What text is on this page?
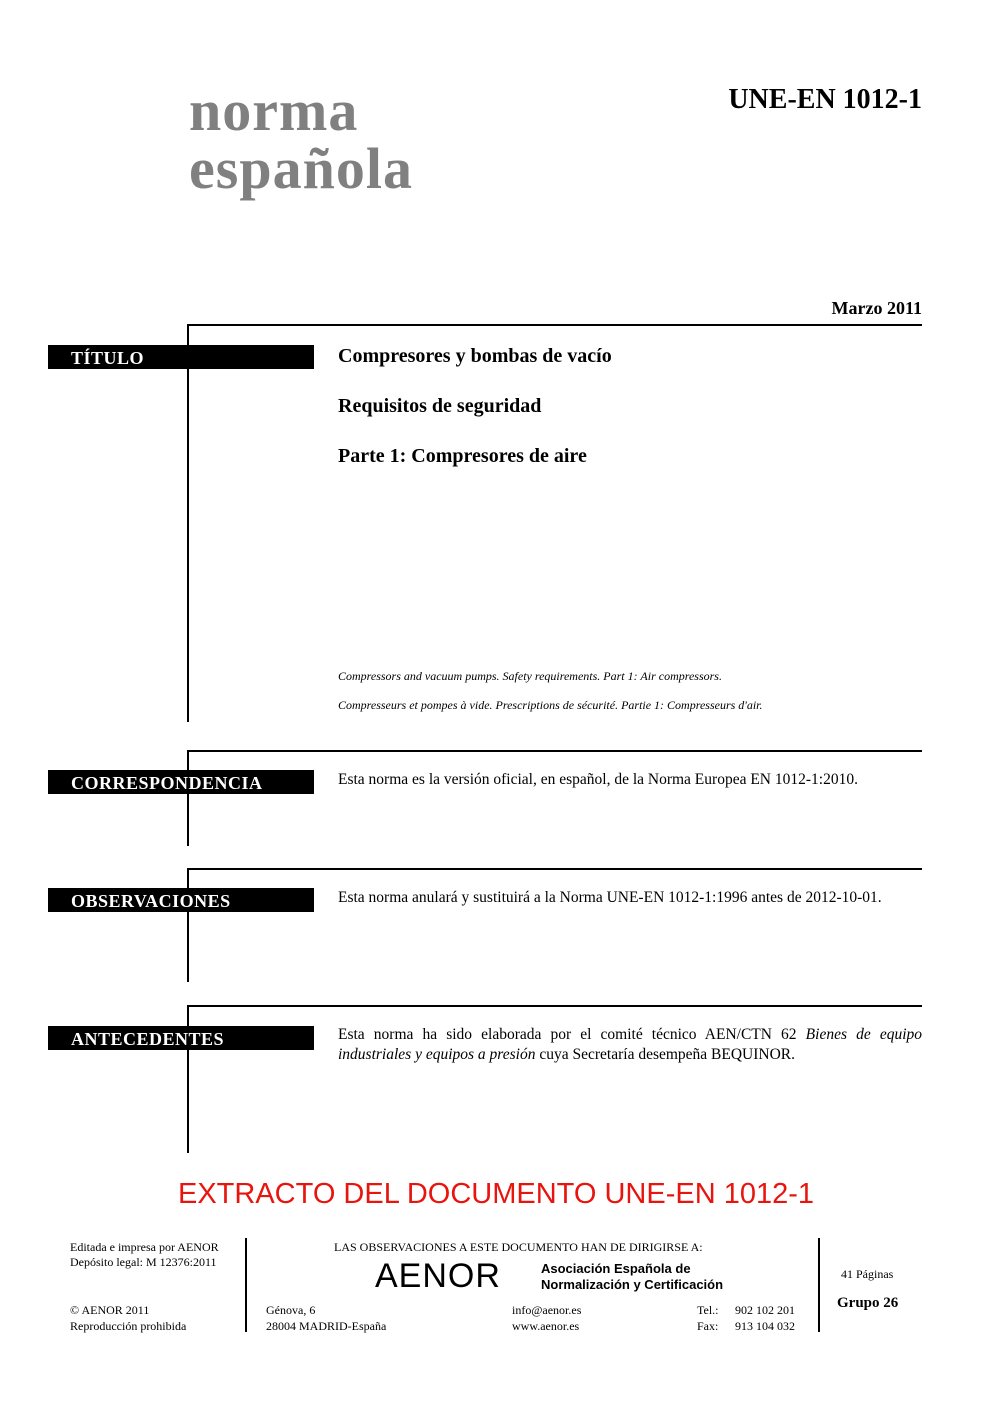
norma
española
UNE-EN 1012-1
Marzo 2011
TÍTULO	Compresores y bombas de vacío
Requisitos de seguridad
Parte 1: Compresores de aire
Compressors and vacuum pumps. Safety requirements. Part 1: Air compressors.
Compresseurs et pompes à vide. Prescriptions de sécurité. Partie 1: Compresseurs d'air.
CORRESPONDENCIA	Esta norma es la versión oficial, en español, de la Norma Europea EN 1012-1:2010.
OBSERVACIONES	Esta norma anulará y sustituirá a la Norma UNE-EN 1012-1:1996 antes de 2012-10-01.
ANTECEDENTES	Esta norma ha sido elaborada por el comité técnico AEN/CTN 62 Bienes de equipo industriales y equipos a presión cuya Secretaría desempeña BEQUINOR.
EXTRACTO DEL DOCUMENTO UNE-EN 1012-1
Editada e impresa por AENOR
Depósito legal: M 12376:2011
© AENOR 2011
Reproducción prohibida
LAS OBSERVACIONES A ESTE DOCUMENTO HAN DE DIRIGIRSE A:
AENOR	Asociación Española de
Normalización y Certificación
Génova, 6
28004 MADRID-España
info@aenor.es
www.aenor.es
Tel.: 902 102 201
Fax: 913 104 032
41 Páginas
Grupo 26
